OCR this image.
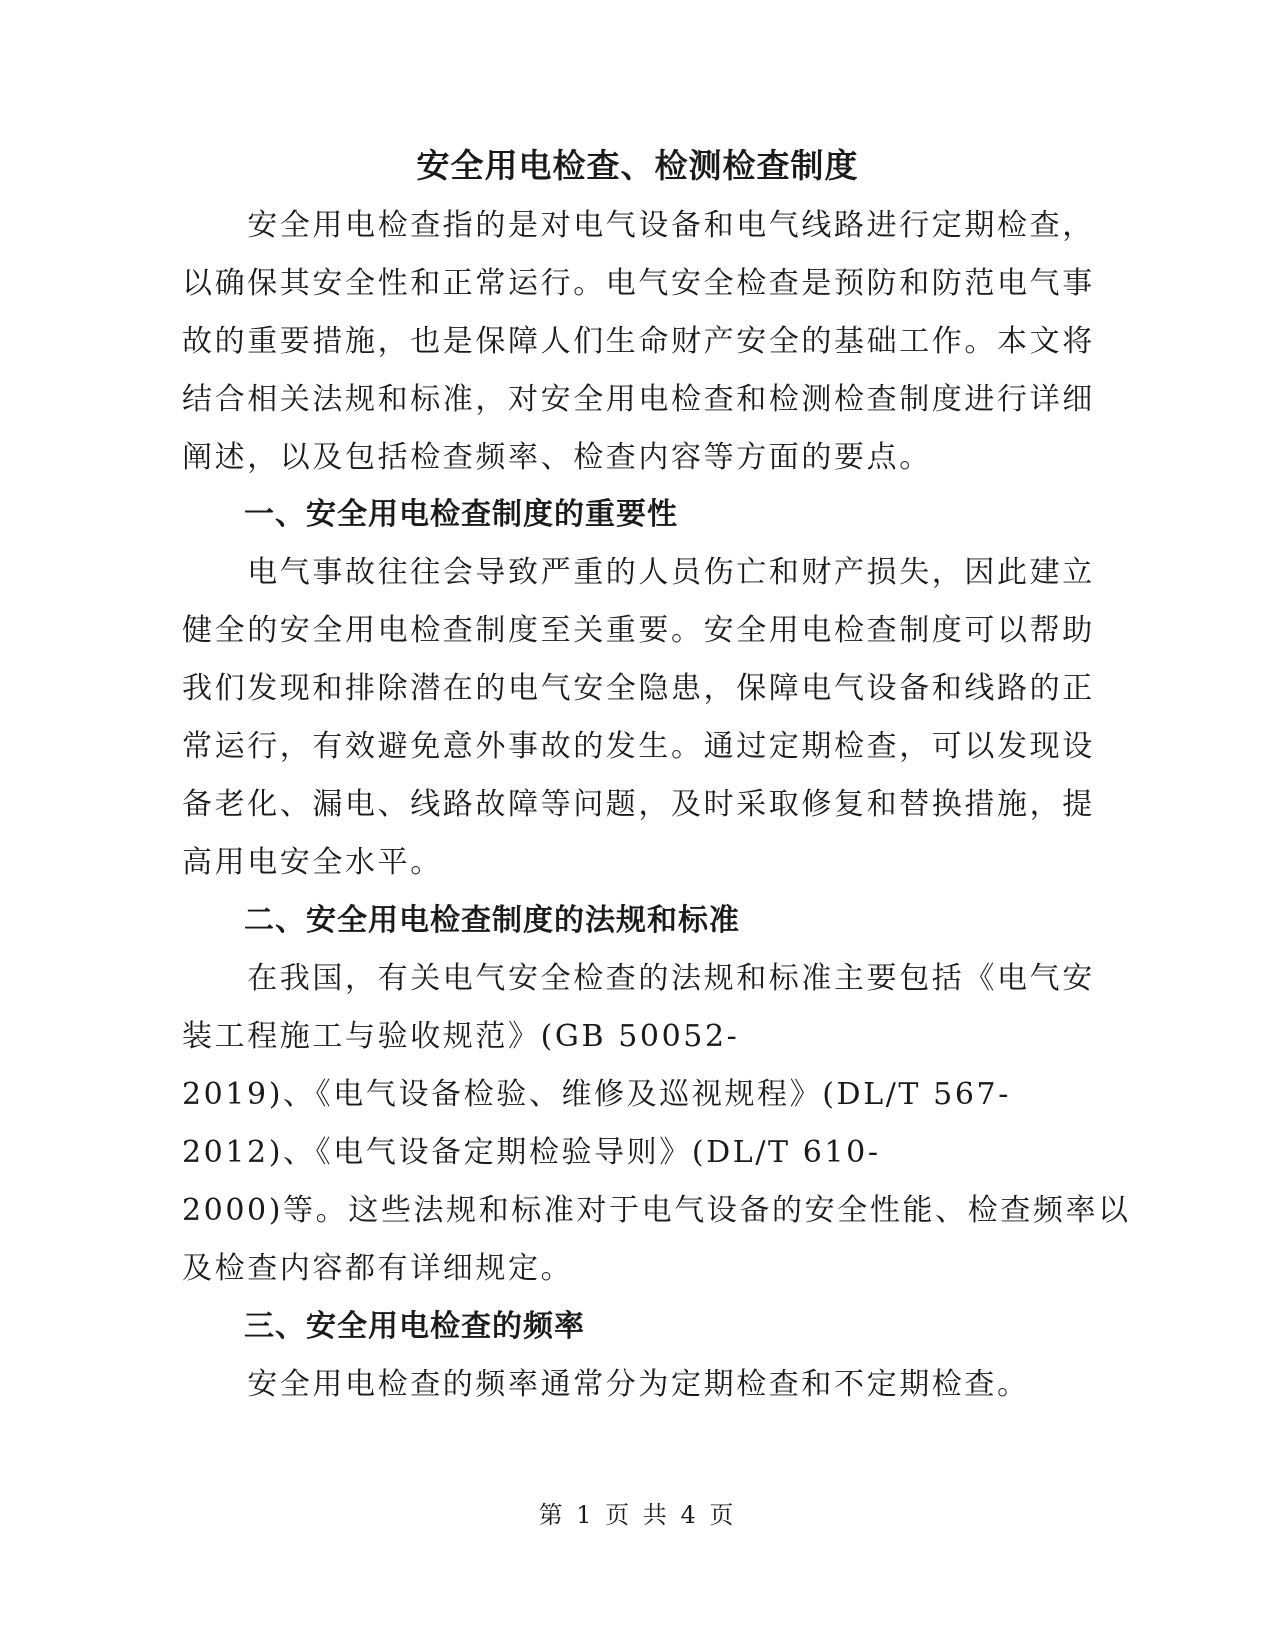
安全用电检查、检测检查制度
　　安全用电检查指的是对电气设备和电气线路进行定期检查，
以确保其安全性和正常运行。电气安全检查是预防和防范电气事
故的重要措施，也是保障人们生命财产安全的基础工作。本文将
结合相关法规和标准，对安全用电检查和检测检查制度进行详细
阐述，以及包括检查频率、检查内容等方面的要点。
一、安全用电检查制度的重要性
　　电气事故往往会导致严重的人员伤亡和财产损失，因此建立
健全的安全用电检查制度至关重要。安全用电检查制度可以帮助
我们发现和排除潜在的电气安全隐患，保障电气设备和线路的正
常运行，有效避免意外事故的发生。通过定期检查，可以发现设
备老化、漏电、线路故障等问题，及时采取修复和替换措施，提
高用电安全水平。
二、安全用电检查制度的法规和标准
　　在我国，有关电气安全检查的法规和标准主要包括《电气安
装工程施工与验收规范》(GB 50052-
2019)、《电气设备检验、维修及巡视规程》(DL/T 567-
2012)、《电气设备定期检验导则》(DL/T 610-
2000)等。这些法规和标准对于电气设备的安全性能、检查频率以
及检查内容都有详细规定。
三、安全用电检查的频率
　　安全用电检查的频率通常分为定期检查和不定期检查。
第 1 页 共 4 页
